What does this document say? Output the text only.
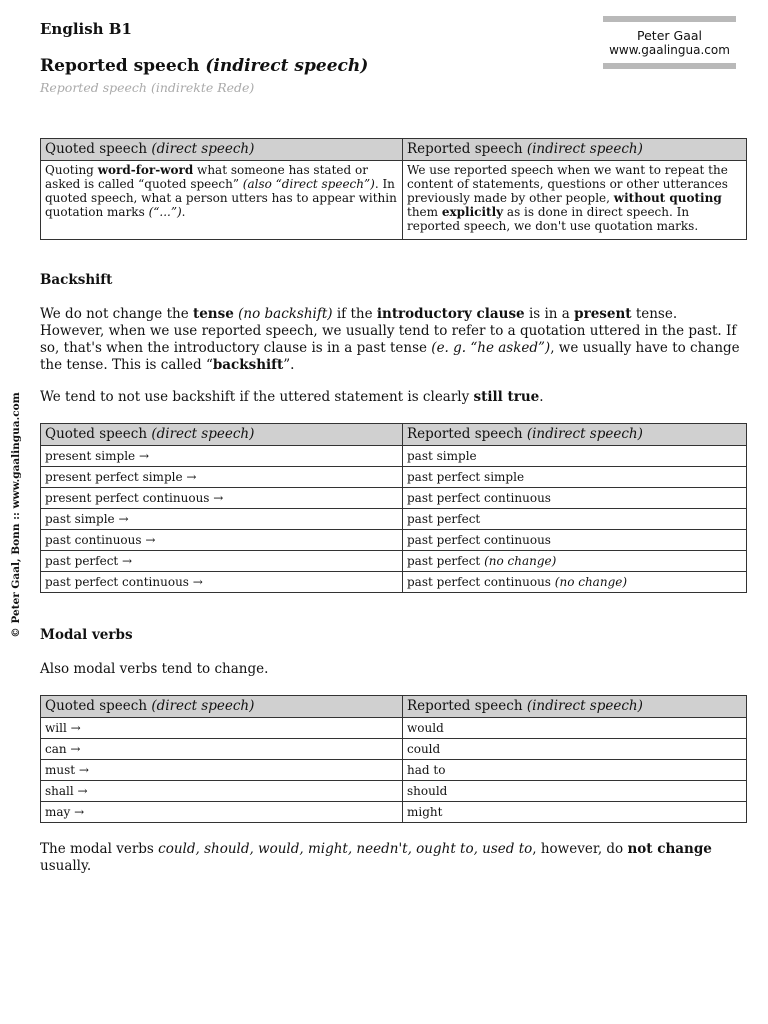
English B1
Reported speech (indirect speech)
Reported speech (indirekte Rede)
Peter Gaal
www.gaalingua.com
© Peter Gaal, Bonn :: www.gaalingua.com
Quoted speech (direct speech)	Reported speech (indirect speech)
Quoting word-for-word what someone has stated or asked is called “quoted speech” (also “direct speech”). In quoted speech, what a person utters has to appear within quotation marks (“...”).	We use reported speech when we want to repeat the content of statements, questions or other utterances previously made by other people, without quoting them explicitly as is done in direct speech. In reported speech, we don't use quotation marks.
Backshift
We do not change the tense (no backshift) if the introductory clause is in a present tense. However, when we use reported speech, we usually tend to refer to a quotation uttered in the past. If so, that's when the introductory clause is in a past tense (e. g. “he asked”), we usually have to change the tense. This is called “backshift”.
We tend to not use backshift if the uttered statement is clearly still true.
Quoted speech (direct speech)	Reported speech (indirect speech)
present simple →	past simple
present perfect simple →	past perfect simple
present perfect continuous →	past perfect continuous
past simple →	past perfect
past continuous →	past perfect continuous
past perfect →	past perfect (no change)
past perfect continuous →	past perfect continuous (no change)
Modal verbs
Also modal verbs tend to change.
Quoted speech (direct speech)	Reported speech (indirect speech)
will →	would
can →	could
must →	had to
shall →	should
may →	might
The modal verbs could, should, would, might, needn't, ought to, used to, however, do not change usually.
